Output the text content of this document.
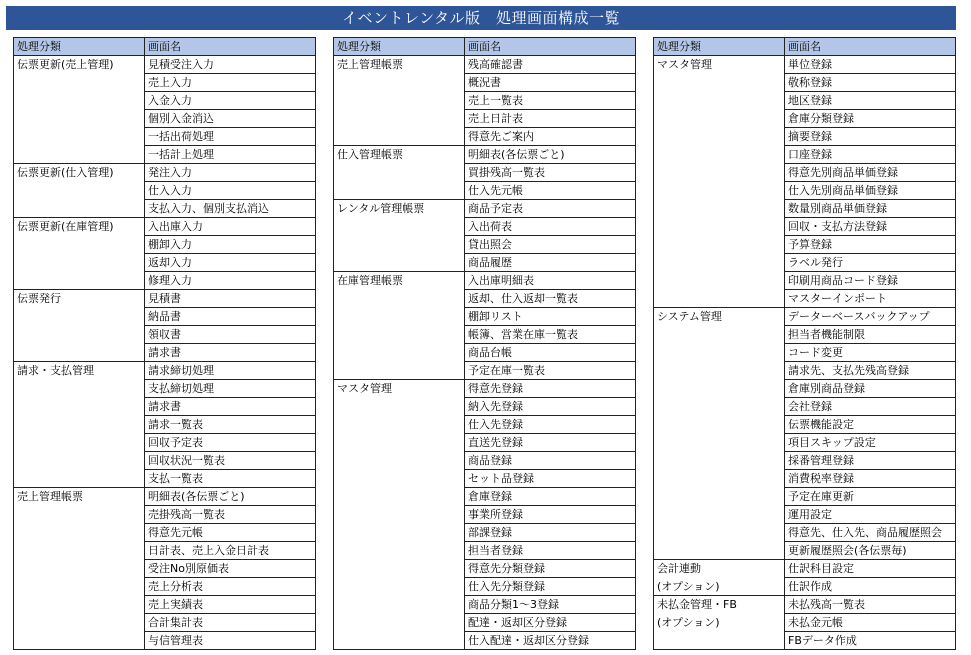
イベントレンタル版　処理画面構成一覧
処理分類	画面名
伝票更新(売上管理)	見積受注入力
	売上入力
	入金入力
	個別入金消込
	一括出荷処理
	一括計上処理
伝票更新(仕入管理)	発注入力
	仕入入力
	支払入力、個別支払消込
伝票更新(在庫管理)	入出庫入力
	棚卸入力
	返却入力
	修理入力
伝票発行	見積書
	納品書
	領収書
	請求書
請求・支払管理	請求締切処理
	支払締切処理
	請求書
	請求一覧表
	回収予定表
	回収状況一覧表
	支払一覧表
売上管理帳票	明細表(各伝票ごと)
	売掛残高一覧表
	得意先元帳
	日計表、売上入金日計表
	受注No別原価表
	売上分析表
	売上実績表
	合計集計表
	与信管理表
処理分類	画面名
売上管理帳票	残高確認書
	概況書
	売上一覧表
	売上日計表
	得意先ご案内
仕入管理帳票	明細表(各伝票ごと)
	買掛残高一覧表
	仕入先元帳
レンタル管理帳票	商品予定表
	入出荷表
	貸出照会
	商品履歴
在庫管理帳票	入出庫明細表
	返却、仕入返却一覧表
	棚卸リスト
	帳簿、営業在庫一覧表
	商品台帳
	予定在庫一覧表
マスタ管理	得意先登録
	納入先登録
	仕入先登録
	直送先登録
	商品登録
	セット品登録
	倉庫登録
	事業所登録
	部課登録
	担当者登録
	得意先分類登録
	仕入先分類登録
	商品分類1～3登録
	配達・返却区分登録
	仕入配達・返却区分登録
処理分類	画面名
マスタ管理	単位登録
	敬称登録
	地区登録
	倉庫分類登録
	摘要登録
	口座登録
	得意先別商品単価登録
	仕入先別商品単価登録
	数量別商品単価登録
	回収・支払方法登録
	予算登録
	ラベル発行
	印刷用商品コード登録
	マスターインポート
システム管理	データーベースバックアップ
	担当者機能制限
	コード変更
	請求先、支払先残高登録
	倉庫別商品登録
	会社登録
	伝票機能設定
	項目スキップ設定
	採番管理登録
	消費税率登録
	予定在庫更新
	運用設定
	得意先、仕入先、商品履歴照会
	更新履歴照会(各伝票毎)
会計連動	仕訳科目設定
(オプション)	仕訳作成
未払金管理・FB	未払残高一覧表
(オプション)	未払金元帳
	FBデータ作成
